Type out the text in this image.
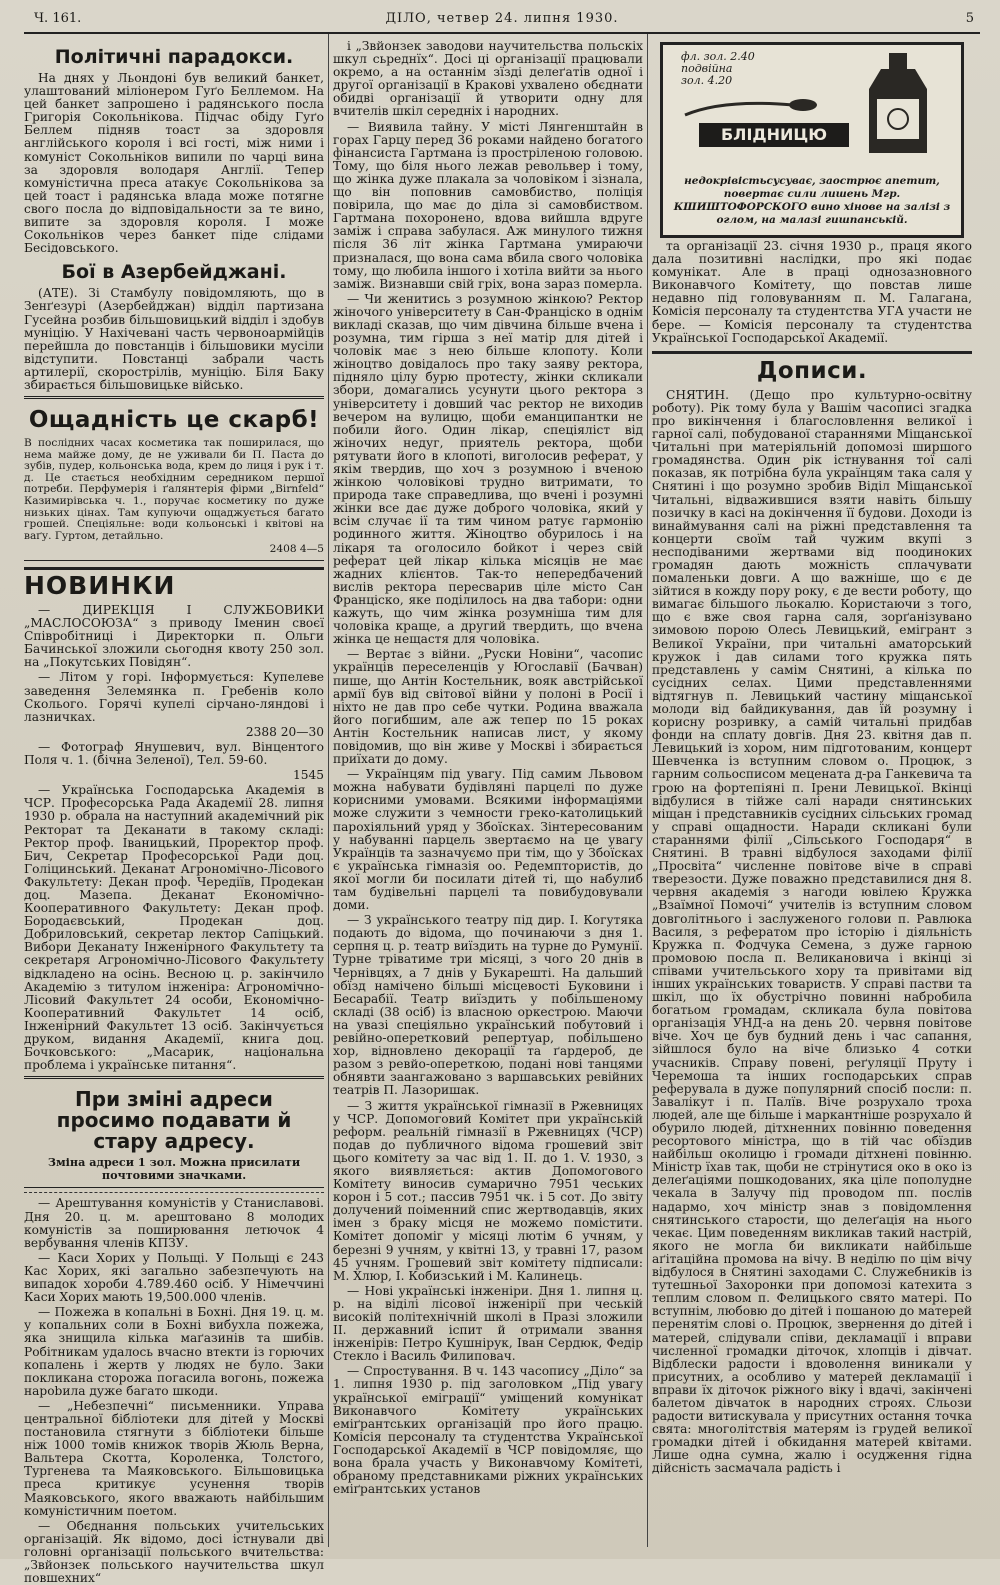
Ч. 161.	ДІЛО, четвер 24. липня 1930.	5
Політичні парадокси.

На днях у Льондоні був великий банкет, улаштований міліонером Гуґо Беллемом. На цей банкет запрошено і радянського посла Григорія Сокольнікова. Підчас обіду Гуґо Беллем підняв тоаст за здоровля англійського короля і всі гості, між ними і комуніст Сокольніков випили по чарці вина за здоровля володаря Англії. Тепер комуністична преса атакує Сокольнікова за цей тоаст і радянська влада може потягне свого посла до відповідальности за те вино, випите за здоровля короля. І може Сокольніков через банкет піде слідами Бесідовського.

Бої в Азербейджані.

(АТЕ). Зі Стамбулу повідомляють, що в Зенґезурі (Азербейджан) відділ партизана Гусейна розбив більшовицький відділ і здобув муніцію. У Нахічевані часть червоноармійців перейшла до повстанців і більшовики мусіли відступити. Повстанці забрали часть артилерії, скорострілів, муніцію. Біля Баку збирається більшовицьке військо.

Ощадність це скарб!

В послідних часах косметика так поширилася, що нема майже дому, де не уживали би П. Паста до зубів, пудер, кольонська вода, крем до лиця і рук і т. д. Це стається необхідним середником першої потреби. Перфумерія і ґалянтерія фірми „Birnfeld“ Казимирівська ч. 1., поручає косметику по дуже низьких цінах. Там купуючи ощаджується багато грошей. Спеціяльне: води кольонські і квітові на ваґу. Гуртом, детайльно.

2408 4—5

НОВИНКИ

— ДИРЕКЦІЯ І СЛУЖБОВИКИ „МАСЛОСОЮЗА“ з приводу Іменин своєї Співробітниці і Директорки п. Ольги Бачинської зложили сьогодня квоту 250 зол. на „Покутських Повідян“.

— Літом у горі. Інформується: Купелеве заведення Зелемянка п. Гребенів коло Сколього. Горячі купелі сірчано-ляндові і лазничках.

2388 20—30

— Фотограф Янушевич, вул. Вінцентого Поля ч. 1. (бічна Зеленої), Тел. 59-60.

1545

— Українська Господарська Академія в ЧСР. Професорська Рада Академії 28. липня 1930 р. обрала на наступний академічний рік Ректорат та Деканати в такому складі: Ректор проф. Іваницький, Проректор проф. Бич, Секретар Професорської Ради доц. Голіцинський. Деканат Агрономічно-Лісового Факультету: Декан проф. Чередіїв, Продекан доц. Мазепа. Деканат Економічно-Кооперативного Факультету: Декан проф. Бородаєвський, Продекан доц. Добриловський, секретар лектор Сапіцький. Вибори Деканату Інженірного Факультету та секретаря Агрономічно-Лісового Факультету відкладено на осінь. Весною ц. р. закінчило Академію з титулом інженіра: Агрономічно-Лісовий Факультет 24 особи, Економічно-Кооперативний Факультет 14 осіб, Інженірний Факультет 13 осіб. Закінчується друком, видання Академії, книга доц. Бочковського: „Масарик, національна проблема і українське питання“.

При зміні адреси просимо подавати й стару адресу.
Зміна адреси 1 зол. Можна присилати почтовими значками.

— Арештування комуністів у Станиславові. Дня 20. ц. м. арештовано 8 молодих комуністів за поширювання летючок 4 вербування членів КПЗУ.

— Каси Хорих у Польщі. У Польщі є 243 Кас Хорих, які загально забезпечують на випадок хороби 4.789.460 осіб. У Німеччині Каси Хорих мають 19,500.000 членів.

— Пожежа в копальні в Бохні. Дня 19. ц. м. у копальних соли в Бохні вибухла пожежа, яка знищила кілька маґазинів та шибів. Робітникам удалось вчасно втекти із горючих копалень і жертв у людях не було. Заки покликана сторожа погасила вогонь, пожежа нарobила дуже багато шкоди.

— „Небезпечні“ письменники. Управа центральної бібліотеки для дітей у Москві постановила стягнути з бібліотеки більше ніж 1000 томів книжок творів Жюль Верна, Вальтера Скотта, Короленка, Толстого, Тургенева та Маяковського. Більшовицька преса критикує усунення творів Маяковського, якого вважають найбільшим комуністичним поетом.

— Обєднання польських учительських організацій. Як відомо, досі істнували дві головні організації польського вчительства: „Звйонзек польського научительства шкул повшехних“

і „Звйонзек заводови научительства польскіх шкул сьреднїх“. Досі ці організації працювали окремо, а на останнім зїзді делеґатів одної і другої організації в Кракові ухвалено обєднати обидві організації й утворити одну для вчителів шкіл середніх і народних.

— Виявила тайну. У місті Лянгенштайн в горах Гарцу перед 36 роками найдено богатого фінансиста Гартмана із простріленою головою. Тому, що біля нього лежав револьвер і тому, що жінка дуже плакала за чоловіком і зізнала, що він поповнив самовбиство, поліція повірила, що має до діла зі самовбиством. Гартмана похоронено, вдова вийшла вдруге заміж і справа забулася. Аж минулого тижня після 36 літ жінка Гартмана умираючи призналася, що вона сама вбила свого чоловіка тому, що любила іншого і хотіла вийти за нього заміж. Визнавши свій гріх, вона зараз померла.

— Чи женитись з розумною жінкою? Ректор жіночого університету в Сан-Франціско в однім викладі сказав, що чим дівчина більше вчена і розумна, тим гірша з неї матір для дітей і чоловік має з нею більше клопоту. Коли жіноцтво довідалось про таку заяву ректора, підняло цілу бурю протесту, жінки скликали збори, домагались усунути цього ректора з університету і довший час ректор не виходив вечером на вулицю, щоби еманципантки не побили його. Один лікар, спеціяліст від жіночих недуг, приятель ректора, щоби рятувати його в клопоті, виголосив реферат, у якім твердив, що хоч з розумною і вченою жінкою чоловікові трудно витримати, то природа таке справедлива, що вчені і розумні жінки все дає дуже доброго чоловіка, який у всім случає ії та тим чином ратує гармонію родинного життя. Жіноцтво обурилось і на лікаря та оголосило бойкот і через свій реферат цей лікар кілька місяців не має жадних клієнтов. Так-то непередбачений вислів ректора пересварив ціле місто Сан Франціско, яке поділилось на два табори: одни кажуть, що чим жінка розумніша тим для чоловіка краще, а другий твердить, що вчена жінка це нещастя для чоловіка.

— Вертає з війни. „Руски Новіни“, часопис українців переселенців у Югославії (Бачван) пише, що Антін Костельник, вояк австрійської армії був від світової війни у полоні в Росії і ніхто не дав про себе чутки. Родина вважала його погибшим, але аж тепер по 15 роках Антін Костельник написав лист, у якому повідомив, що він живе у Москві і збирається приїхати до дому.

— Українцям під увагу. Під самим Львовом можна набувати будівляні парцелі по дуже корисними умовами. Всякими інформаціями може служити з чемности греко-католицький парохіяльний уряд у Збоїсках. Зінтересованим у набуванні парцель звертаємо на це увагу Українців та зазначуємо при тім, що у Збоїсках є українська гімназія оо. Редемптористів, до якої могли би посилати дітей ті, що набулиб там будівельні парцелі та повибудовували доми.

— З українського театру під дир. І. Когутяка подають до відома, що починаючи з дня 1. серпня ц. р. театр виїздить на турне до Румунії. Турне тріватиме три місяці, з чого 20 днів в Чернівцях, а 7 днів у Букарешті. На дальший обїзд намічено більші місцевості Буковини і Бесарабії. Театр виїздить у побільшеному складі (38 осіб) із власною оркестрою. Маючи на увазі спеціяльно український побутовий і ревійно-оперетковий репертуар, побільшено хор, відновлено декорації та ґардероб, де разом з ревйо-опереткою, подані нові танцями обнявти заангажовано з варшавських ревійних театрів П. Лазоришак.

— З життя української гімназії в Ржевницях у ЧСР. Допомоговий Комітет при українській реформ. реальній гімназії в Ржевницях (ЧСР) подав до публичного відома грошевий звіт цього комітету за час від 1. II. до 1. V. 1930, з якого виявляється: актив Допомогового Комітету виносив сумарично 7951 чеських корон і 5 сот.; пассив 7951 чк. і 5 сот. До звіту долучений поіменний спис жертводавців, яких імен з браку місця не можемо помістити. Комітет допоміг у місяці лютім 6 учням, у березні 9 учням, у квітні 13, у травні 17, разом 45 учням. Грошевий звіт комітету підписали: М. Хлюр, І. Кобизський і М. Калинець.

— Нові українські інженіри. Дня 1. липня ц. р. на віділі лісової інженірії при чеській високій політехнічній школі в Празі зложили II. державний іспит й отримали звання інженірів: Петро Кушнірук, Іван Сердюк, Федір Стекло і Василь Филиповач.

— Спростування. В ч. 143 часопису „Діло“ за 1. липня 1930 р. під заголовком „Під увагу української еміграції“ уміщений комунікат Виконавчого Комітету українських еміґрантських організацій про його працю. Комісія персоналу та студентства Української Господарської Академії в ЧСР повідомляє, що вона брала участь у Виконавчому Комітеті, обраному представниками ріжних українських еміґрантських установ

фл. зол. 2.40
подвійна
зол. 4.20
БЛІДНИЦЮ
недокрівістьсусуває, заострює апетит, повертає сили лишень Мгр. КШИШТОФОРСКОГО вино хінове на залізі з оглом, на малазі гишпанській.

та організації 23. січня 1930 р., праця якого дала позитивні наслідки, про які подає комунікат. Але в праці однозазновного Виконавчого Комітету, що повстав лише недавно під головуванням п. М. Галагана, Комісія персоналу та студентства УГА участи не бере. — Комісія персоналу та студентства Української Господарської Академії.

Дописи.

СНЯТИН. (Дещо про культурно-освітну роботу). Рік тому була у Вашім часописі згадка про викінчення і благословлення великої і гарної салі, побудованої стараннями Міщанської Читальні при матеріяльній допомозі ширшого громадянства. Один рік істнування тої салі показав, як потрібна була українцям така саля у Снятині і що розумно зробив Віділ Міщанської Читальні, відважившися взяти навіть більшу позичку в касі на докінчення її будови. Доходи із винаймування салі на ріжні представлення та концерти своїм тай чужим вкупі з несподіваними жертвами від поодиноких громадян дають можність сплачувати помаленьки довги. А що важніше, що є де зійтися в кожду пору року, є де вести роботу, що вимагає більшого льокалю. Користаючи з того, що є вже своя гарна саля, зорґанізувано зимовою порою Олесь Левицький, емігрант з Великої України, при читальні аматорський кружок і дав силами того кружка пять представлень у самім Снятині, а кілька по сусідних селах. Цими представленнями відтягнув п. Левицький частину міщанської молоди від байдикування, дав їй розумну і корисну розривку, а самій читальні придбав фонди на сплату довгів. Дня 23. квітня дав п. Левицький із хором, ним підготованим, концерт Шевченка із вступним словом о. Процюк, з гарним сольосписом мецената д-ра Ганкевича та грою на фортепіяні п. Ірени Левицької. Вкінці відбулися в тійже салі наради снятинських міщан і представників сусідних сільських громад у справі ощадности. Наради скликані були стараннями філії „Сільського Господаря“ в Снятині. В травні відбулося заходами філії „Просвіта“ численне повітове віче в справі тверезости. Дуже поважно представилися дня 8. червня академія з нагоди ювілею Кружка „Взаїмної Помочі“ учителів із вступним словом довголітнього і заслуженого голови п. Равлюка Василя, з рефератом про історію і діяльність Кружка п. Фодчука Семена, з дуже гарною промовою посла п. Великановича і вкінці зі співами учительського хору та привітами від інших українських товариств. У справі пастви та шкіл, що їх обустрічно повинні набробила богатьом громадам, скликала була повітова організація УНД-а на день 20. червня повітове віче. Хоч це був будний день і час сапання, зійшлося було на віче близько 4 сотки учасників. Справу повені, реґуляції Пруту і Черемоша та інших господарських справ реферувала в дуже популярний спосіб посли: п. Завалікут і п. Палїв. Віче розрухало троха людей, але ще більше і маркантніше розрухало й обурило людей, дітхненних повінню поведення ресортового міністра, що в тій час обїздив найбільш околицю і громади дітхнені повінню. Міністр їхав так, щоби не стрінутися око в око із делеґаціями пошкодованих, яка ціле пополудне чекала в Залучу під проводом пп. послів надармо, хоч міністр знав з повідомлення снятинського старости, що делеґація на нього чекає. Цим поведенням викликав такий настрій, якого не могла би викликати найбільше аґітаційна промова на вічу. В неділю по цім вічу відбулося в Снятині заходами С. Служебників із тутешньої Захоронки при допомозі катехита з теплим словом п. Фелицького свято матері. По вступнім, любовю до дітей і пошаною до матерей перенятім слові о. Процюк, звернення до дітей і матерей, слідували співи, декламації і вправи численної громадки діточок, хлопців і дівчат. Відблески радости і вдоволення виникали у присутних, а особливо у матерей декламації і вправи їх діточок ріжного віку і вдачі, закінчені балетом дівчаток в народних строях. Сльози радости витискувала у присутних остання точка свята: многолітствія матерям із грудей великої громадки дітей і обкидання матерей квітами. Лише одна сумна, жалю і осудження гідна дійсність засмачала радість і
